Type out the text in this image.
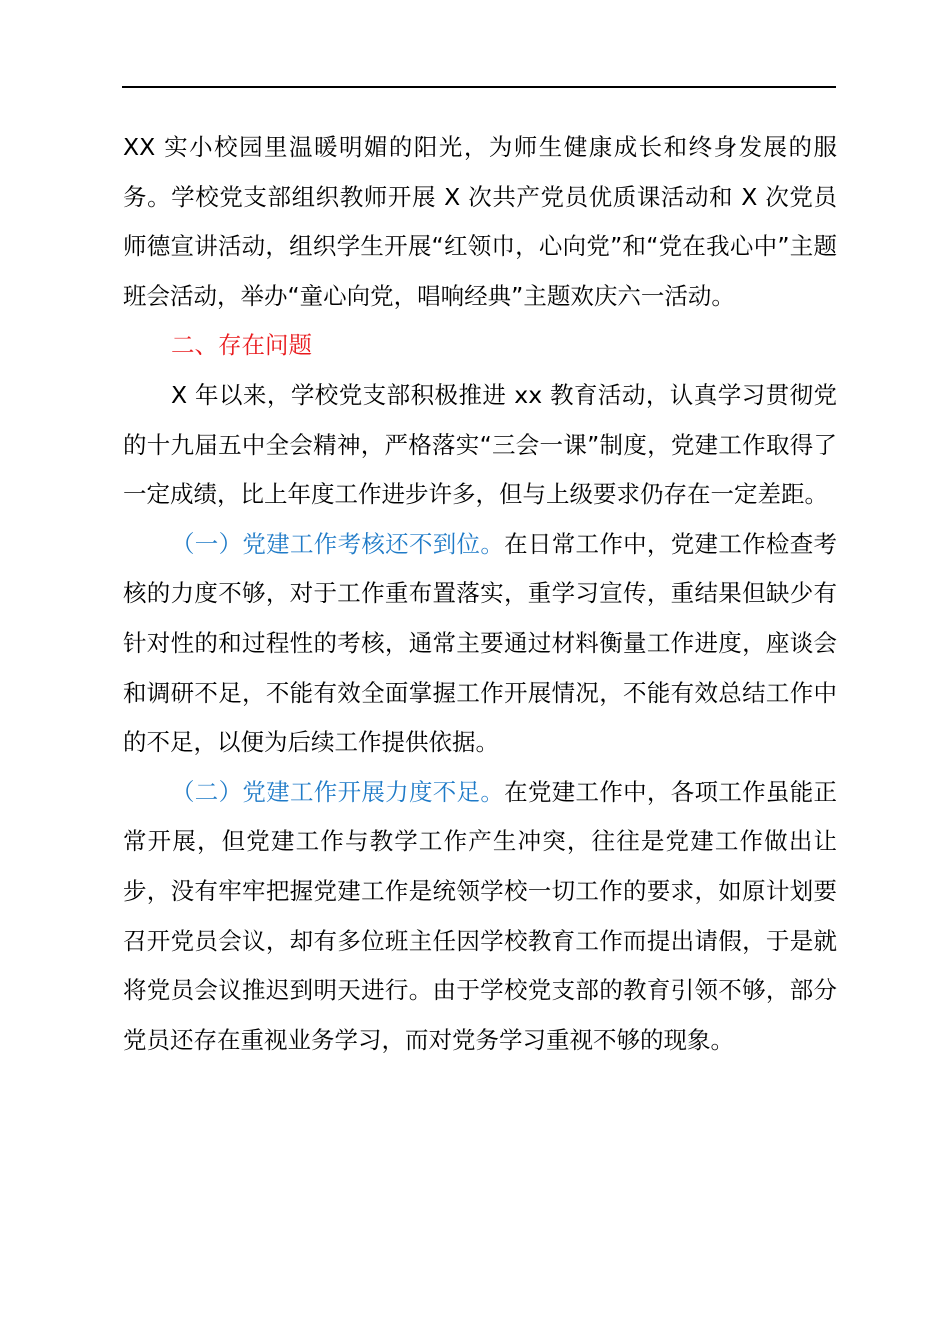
XX 实小校园里温暖明媚的阳光，为师生健康成长和终身发展的服务。学校党支部组织教师开展 X 次共产党员优质课活动和 X 次党员师德宣讲活动，组织学生开展“红领巾，心向党”和“党在我心中”主题班会活动，举办“童心向党，唱响经典”主题欢庆六一活动。

二、存在问题

X 年以来，学校党支部积极推进 xx 教育活动，认真学习贯彻党的十九届五中全会精神，严格落实“三会一课”制度，党建工作取得了一定成绩，比上年度工作进步许多，但与上级要求仍存在一定差距。

（一）党建工作考核还不到位。在日常工作中，党建工作检查考核的力度不够，对于工作重布置落实，重学习宣传，重结果但缺少有针对性的和过程性的考核，通常主要通过材料衡量工作进度，座谈会和调研不足，不能有效全面掌握工作开展情况，不能有效总结工作中的不足，以便为后续工作提供依据。

（二）党建工作开展力度不足。在党建工作中，各项工作虽能正常开展，但党建工作与教学工作产生冲突，往往是党建工作做出让步，没有牢牢把握党建工作是统领学校一切工作的要求，如原计划要召开党员会议，却有多位班主任因学校教育工作而提出请假，于是就将党员会议推迟到明天进行。由于学校党支部的教育引领不够，部分党员还存在重视业务学习，而对党务学习重视不够的现象。
